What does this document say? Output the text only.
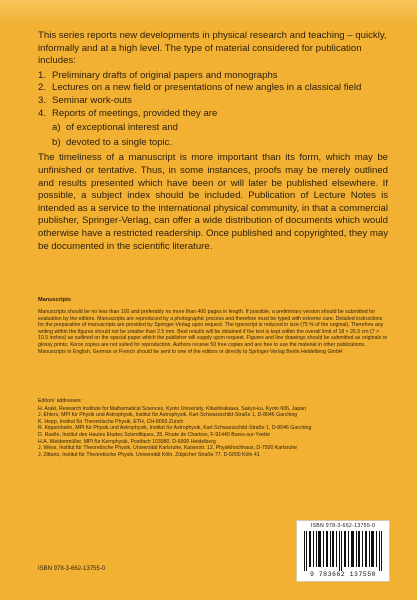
This series reports new developments in physical research and teaching – quickly, informally and at a high level. The type of material considered for publication includes:

1. Preliminary drafts of original papers and monographs
2. Lectures on a new field or presentations of new angles in a classical field
3. Seminar work-outs
4. Reports of meetings, provided they are
a) of exceptional interest and
b) devoted to a single topic.

The timeliness of a manuscript is more important than its form, which may be unfinished or tentative. Thus, in some instances, proofs may be merely outlined and results presented which have been or will later be published elsewhere. If possible, a subject index should be included. Publication of Lecture Notes is intended as a service to the international physical community, in that a commercial publisher, Springer-Verlag, can offer a wide distribution of documents which would otherwise have a restricted readership. Once published and copyrighted, they may be documented in the scientific literature.

Manuscripts
Manuscripts should be no less than 100 and preferably no more than 400 pages in length. If possible, a preliminary version should be submitted for evaluation by the editors. Manuscripts are reproduced by a photographic process and therefore must be typed with extreme care. Detailed instructions for the preparation of manuscripts are provided by Springer-Verlag upon request. The typescript is reduced in size (75 % of the original). Therefore any writing within the figures should not be smaller than 2.5 mm. Best results will be obtained if the text is kept within the overall limit of 18 × 26.5 cm (7 × 10.5 inches) as outlined on the special paper which the publisher will supply upon request. Figures and line drawings should be submitted as originals or glossy prints; Xerox copies are not suited for reproduction. Authors receive 50 free copies and are free to use the material in other publications. Manuscripts in English, German or French should be sent to one of the editors or directly to Springer-Verlag Berlin Heidelberg GmbH
Editors' addresses:
H. Araki, Research Institute for Mathematical Sciences, Kyoto University, Kitashirakawa, Sakyo-ku, Kyoto 606, Japan
J. Ehlers, MPI für Physik und Astrophysik, Institut für Astrophysik, Karl-Schwarzschild-Straße 1, D-8046 Garching
K. Hepp, Institut für Theoretische Physik, ETH, CH-8093 Zürich
R. Kippenhahn, MPI für Physik und Astrophysik, Institut für Astrophysik, Karl-Schwarzschild-Straße 1, D-8046 Garching
D. Ruelle, Institut des Hautes Etudes Scientifiques, 35, Route de Chartres, F-91440 Bures-sur-Yvette
H.A. Weidenmüller, MPI für Kernphysik, Postfach 103980, D-6900 Heidelberg
J. Wess, Institut für Theoretische Physik, Universität Karlsruhe, Kaiserstr. 12, Physikhochhaus, D-7500 Karlsruhe
J. Zittartz, Institut für Theoretische Physik, Universität Köln, Zülpicher Straße 77, D-5000 Köln 41
ISBN 978-3-662-13755-0
9 783662 137550
ISBN 978-3-662-13755-0
